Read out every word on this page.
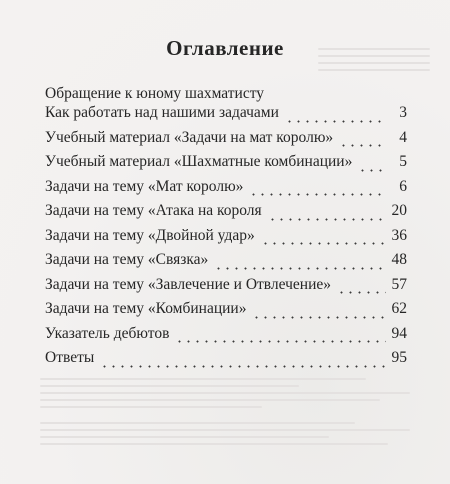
Оглавление
Обращение к юному шахматисту
Как работать над нашими задачами	3
Учебный материал «Задачи на мат королю»	4
Учебный материал «Шахматные комбинации»	5
Задачи на тему «Мат королю»	6
Задачи на тему «Атака на короля	20
Задачи на тему «Двойной удар»	36
Задачи на тему «Связка»	48
Задачи на тему «Завлечение и Отвлечение»	57
Задачи на тему «Комбинации»	62
Указатель дебютов	94
Ответы	95
